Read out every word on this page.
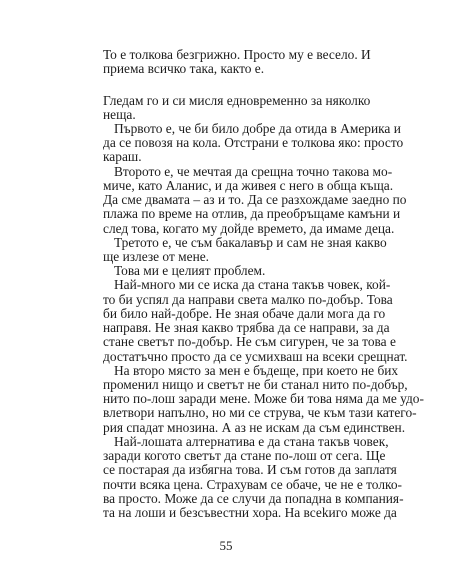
То е толкова безгрижно. Просто му е весело. И
приема всичко така, както е.
Гледам го и си мисля едновременно за няколко
неща.
Първото е, че би било добре да отида в Америка и
да се повозя на кола. Отстрани е толкова яко: просто
караш.
Второто е, че мечтая да срещна точно такова мо-
миче, като Аланис, и да живея с него в обща къща.
Да сме двамата – аз и то. Да се разхождаме заедно по
плажа по време на отлив, да преобръщаме камъни и
след това, когато му дойде времето, да имаме деца.
Третото е, че съм бакалавър и сам не зная какво
ще излезе от мене.
Това ми е целият проблем.
Най-много ми се иска да стана такъв човек, кой-
то би успял да направи света малко по-добър. Това
би било най-добре. Не зная обаче дали мога да го
направя. Не зная какво трябва да се направи, за да
стане светът по-добър. Не съм сигурен, че за това е
достатъчно просто да се усмихваш на всеки срещнат.
На второ място за мен е бъдеще, при което не бих
променил нищо и светът не би станал нито по-добър,
нито по-лош заради мене. Може би това няма да ме удо-
влетвори напълно, но ми се струва, че към тази катего-
рия спадат мнозина. А аз не искам да съм единствен.
Най-лошата алтернатива е да стана такъв човек,
заради когото светът да стане по-лош от сега. Ще
се постарая да избягна това. И съм готов да заплатя
почти всяка цена. Страхувам се обаче, че не е толко-
ва просто. Може да се случи да попадна в компания-
та на лоши и безсъвестни хора. На всеkиго може да
55
